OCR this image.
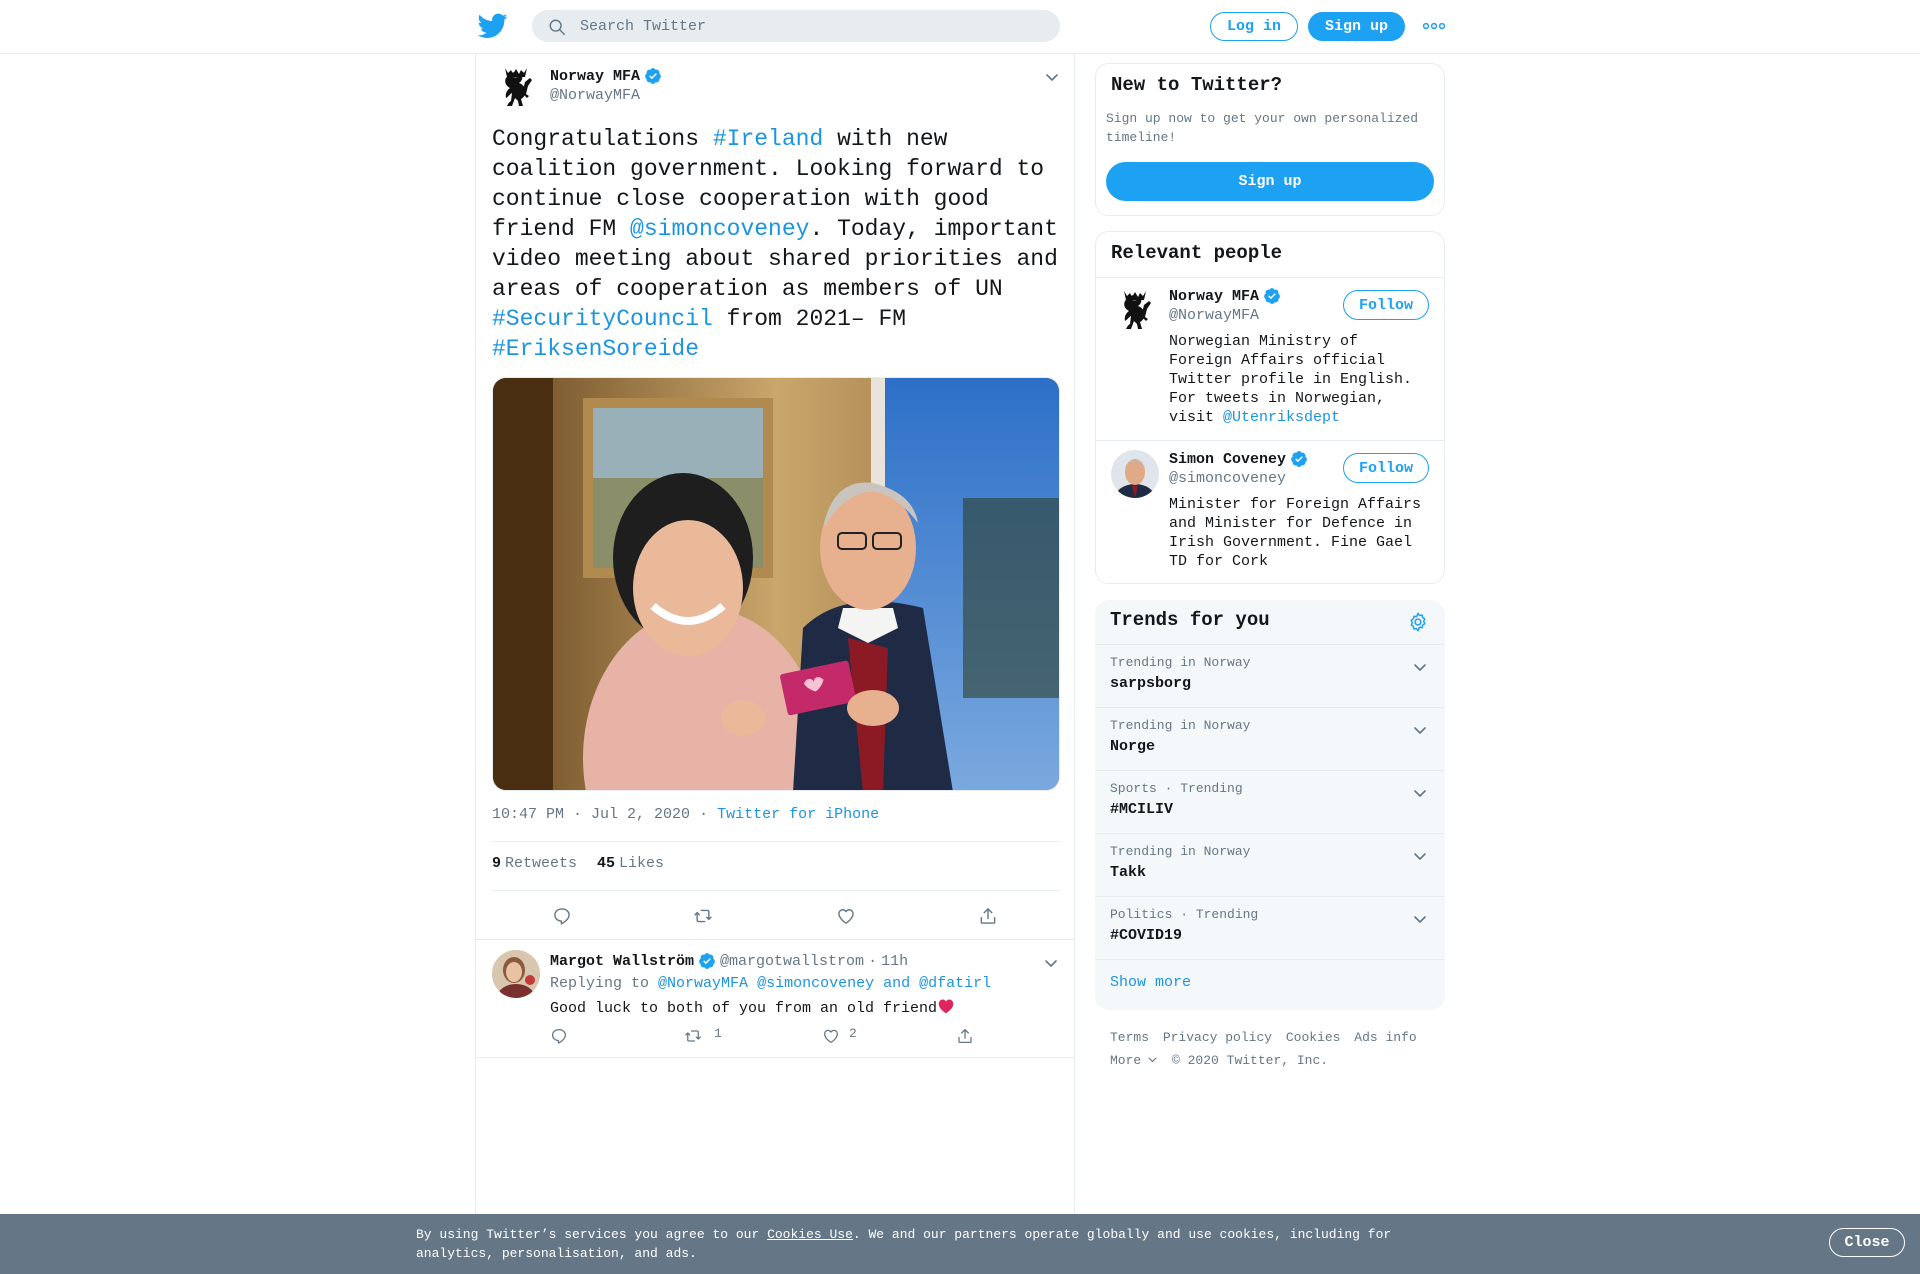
Search Twitter
Log in	Sign up
Norway MFA
@NorwayMFA
Congratulations #Ireland with new coalition government. Looking forward to continue close cooperation with good friend FM @simoncoveney. Today, important video meeting about shared priorities and areas of cooperation as members of UN #SecurityCouncil from 2021– FM #EriksenSoreide
10:47 PM · Jul 2, 2020 · Twitter for iPhone
9 Retweets 45 Likes
Margot Wallström @margotwallstrom · 11h
Replying to @NorwayMFA @simoncoveney and @dfatirl
Good luck to both of you from an old friend
1	2
New to Twitter?
Sign up now to get your own personalized timeline!
Sign up
Relevant people
Norway MFA
@NorwayMFA
Follow
Norwegian Ministry of Foreign Affairs official Twitter profile in English. For tweets in Norwegian, visit @Utenriksdept
Simon Coveney
@simoncoveney
Follow
Minister for Foreign Affairs and Minister for Defence in Irish Government. Fine Gael TD for Cork
Trends for you
Trending in Norway
sarpsborg
Trending in Norway
Norge
Sports · Trending
#MCILIV
Trending in Norway
Takk
Politics · Trending
#COVID19
Show more
Terms Privacy policy Cookies Ads info
More © 2020 Twitter, Inc.
By using Twitter’s services you agree to our Cookies Use. We and our partners operate globally and use cookies, including for analytics, personalisation, and ads.
Close
